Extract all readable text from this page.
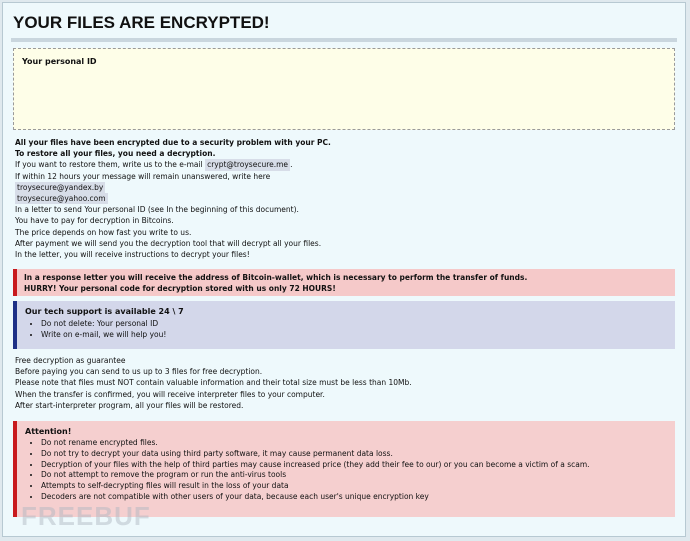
YOUR FILES ARE ENCRYPTED!
Your personal ID
All your files have been encrypted due to a security problem with your PC.
To restore all your files, you need a decryption.
If you want to restore them, write us to the e-mail crypt@troysecure.me .
If within 12 hours your message will remain unanswered, write here
troysecure@yandex.by
troysecure@yahoo.com
In a letter to send Your personal ID (see In the beginning of this document).
You have to pay for decryption in Bitcoins.
The price depends on how fast you write to us.
After payment we will send you the decryption tool that will decrypt all your files.
In the letter, you will receive instructions to decrypt your files!
In a response letter you will receive the address of Bitcoin-wallet, which is necessary to perform the transfer of funds.
HURRY! Your personal code for decryption stored with us only 72 HOURS!
Our tech support is available 24 \ 7
• Do not delete: Your personal ID
• Write on e-mail, we will help you!
Free decryption as guarantee
Before paying you can send to us up to 3 files for free decryption.
Please note that files must NOT contain valuable information and their total size must be less than 10Mb.
When the transfer is confirmed, you will receive interpreter files to your computer.
After start-interpreter program, all your files will be restored.
Attention!
• Do not rename encrypted files.
• Do not try to decrypt your data using third party software, it may cause permanent data loss.
• Decryption of your files with the help of third parties may cause increased price (they add their fee to our) or you can become a victim of a scam.
• Do not attempt to remove the program or run the anti-virus tools
• Attempts to self-decrypting files will result in the loss of your data
• Decoders are not compatible with other users of your data, because each user's unique encryption key
FREEBUF
